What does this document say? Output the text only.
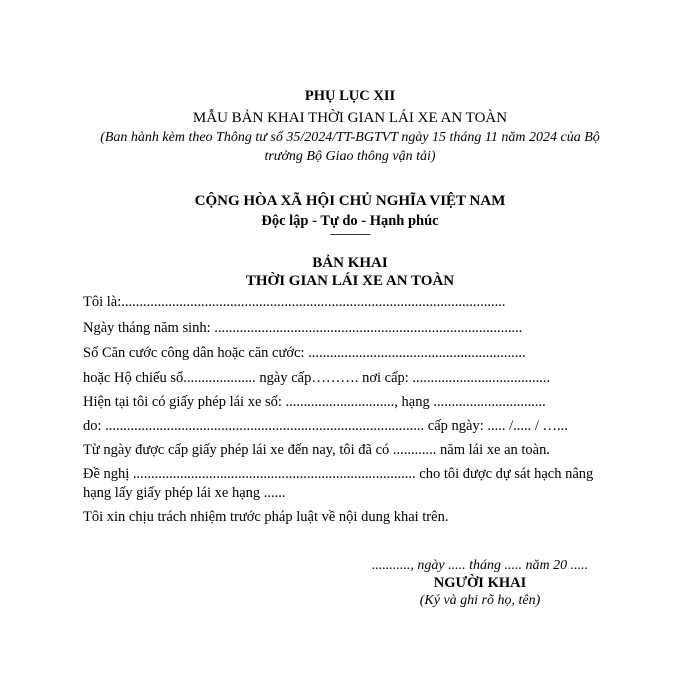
PHỤ LỤC XII
MẪU BẢN KHAI THỜI GIAN LÁI XE AN TOÀN
(Ban hành kèm theo Thông tư số 35/2024/TT-BGTVT ngày 15 tháng 11 năm 2024 của Bộ
trưởng Bộ Giao thông vận tải)
CỘNG HÒA XÃ HỘI CHỦ NGHĨA VIỆT NAM
Độc lập - Tự do - Hạnh phúc
---------------
BẢN KHAI
THỜI GIAN LÁI XE AN TOÀN
Tôi là:..........................................................................................................
Ngày tháng năm sinh: .....................................................................................
Số Căn cước công dân hoặc căn cước: ............................................................
hoặc Hộ chiếu số.................... ngày cấp………. nơi cấp: ......................................
Hiện tại tôi có giấy phép lái xe số: .............................., hạng ...............................
do: ........................................................................................ cấp ngày: ..... /..... / …...
Từ ngày được cấp giấy phép lái xe đến nay, tôi đã có ............ năm lái xe an toàn.
Đề nghị .............................................................................. cho tôi được dự sát hạch nâng
hạng lấy giấy phép lái xe hạng ......
Tôi xin chịu trách nhiệm trước pháp luật về nội dung khai trên.
..........., ngày ..... tháng ..... năm 20 .....
NGƯỜI KHAI
(Ký và ghi rõ họ, tên)
